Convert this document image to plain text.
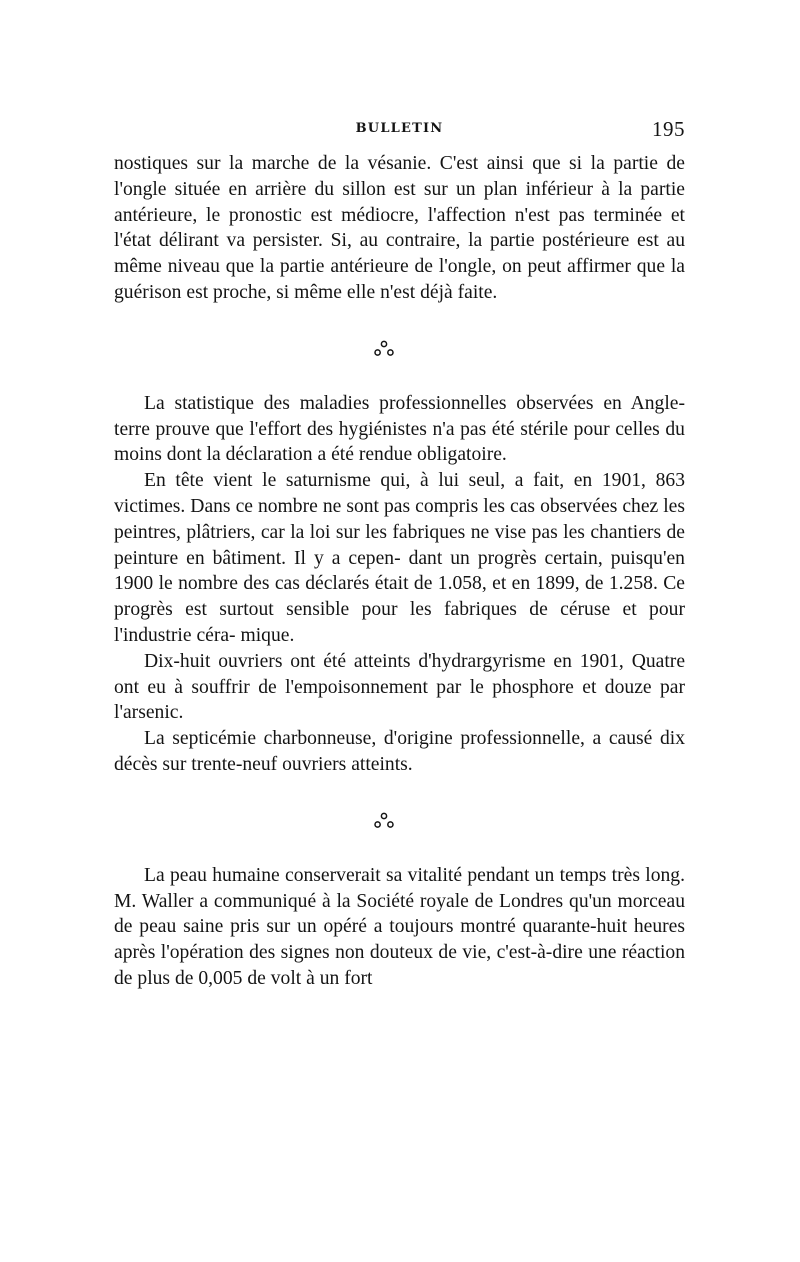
BULLETIN	195

nostiques sur la marche de la vésanie. C'est ainsi que si la partie de l'ongle située en arrière du sillon est sur un plan inférieur à la partie antérieure, le pronostic est médiocre, l'affection n'est pas terminée et l'état délirant va persister. Si, au contraire, la partie postérieure est au même niveau que la partie antérieure de l'ongle, on peut affirmer que la guérison est proche, si même elle n'est déjà faite.

La statistique des maladies professionnelles observées en Angle- terre prouve que l'effort des hygiénistes n'a pas été stérile pour celles du moins dont la déclaration a été rendue obligatoire.

En tête vient le saturnisme qui, à lui seul, a fait, en 1901, 863 victimes. Dans ce nombre ne sont pas compris les cas observées chez les peintres, plâtriers, car la loi sur les fabriques ne vise pas les chantiers de peinture en bâtiment. Il y a cepen- dant un progrès certain, puisqu'en 1900 le nombre des cas déclarés était de 1.058, et en 1899, de 1.258. Ce progrès est surtout sensible pour les fabriques de céruse et pour l'industrie céra- mique.

Dix-huit ouvriers ont été atteints d'hydrargyrisme en 1901, Quatre ont eu à souffrir de l'empoisonnement par le phosphore et douze par l'arsenic.

La septicémie charbonneuse, d'origine professionnelle, a causé dix décès sur trente-neuf ouvriers atteints.

La peau humaine conserverait sa vitalité pendant un temps très long. M. Waller a communiqué à la Société royale de Londres qu'un morceau de peau saine pris sur un opéré a toujours montré quarante-huit heures après l'opération des signes non douteux de vie, c'est-à-dire une réaction de plus de 0,005 de volt à un fort
